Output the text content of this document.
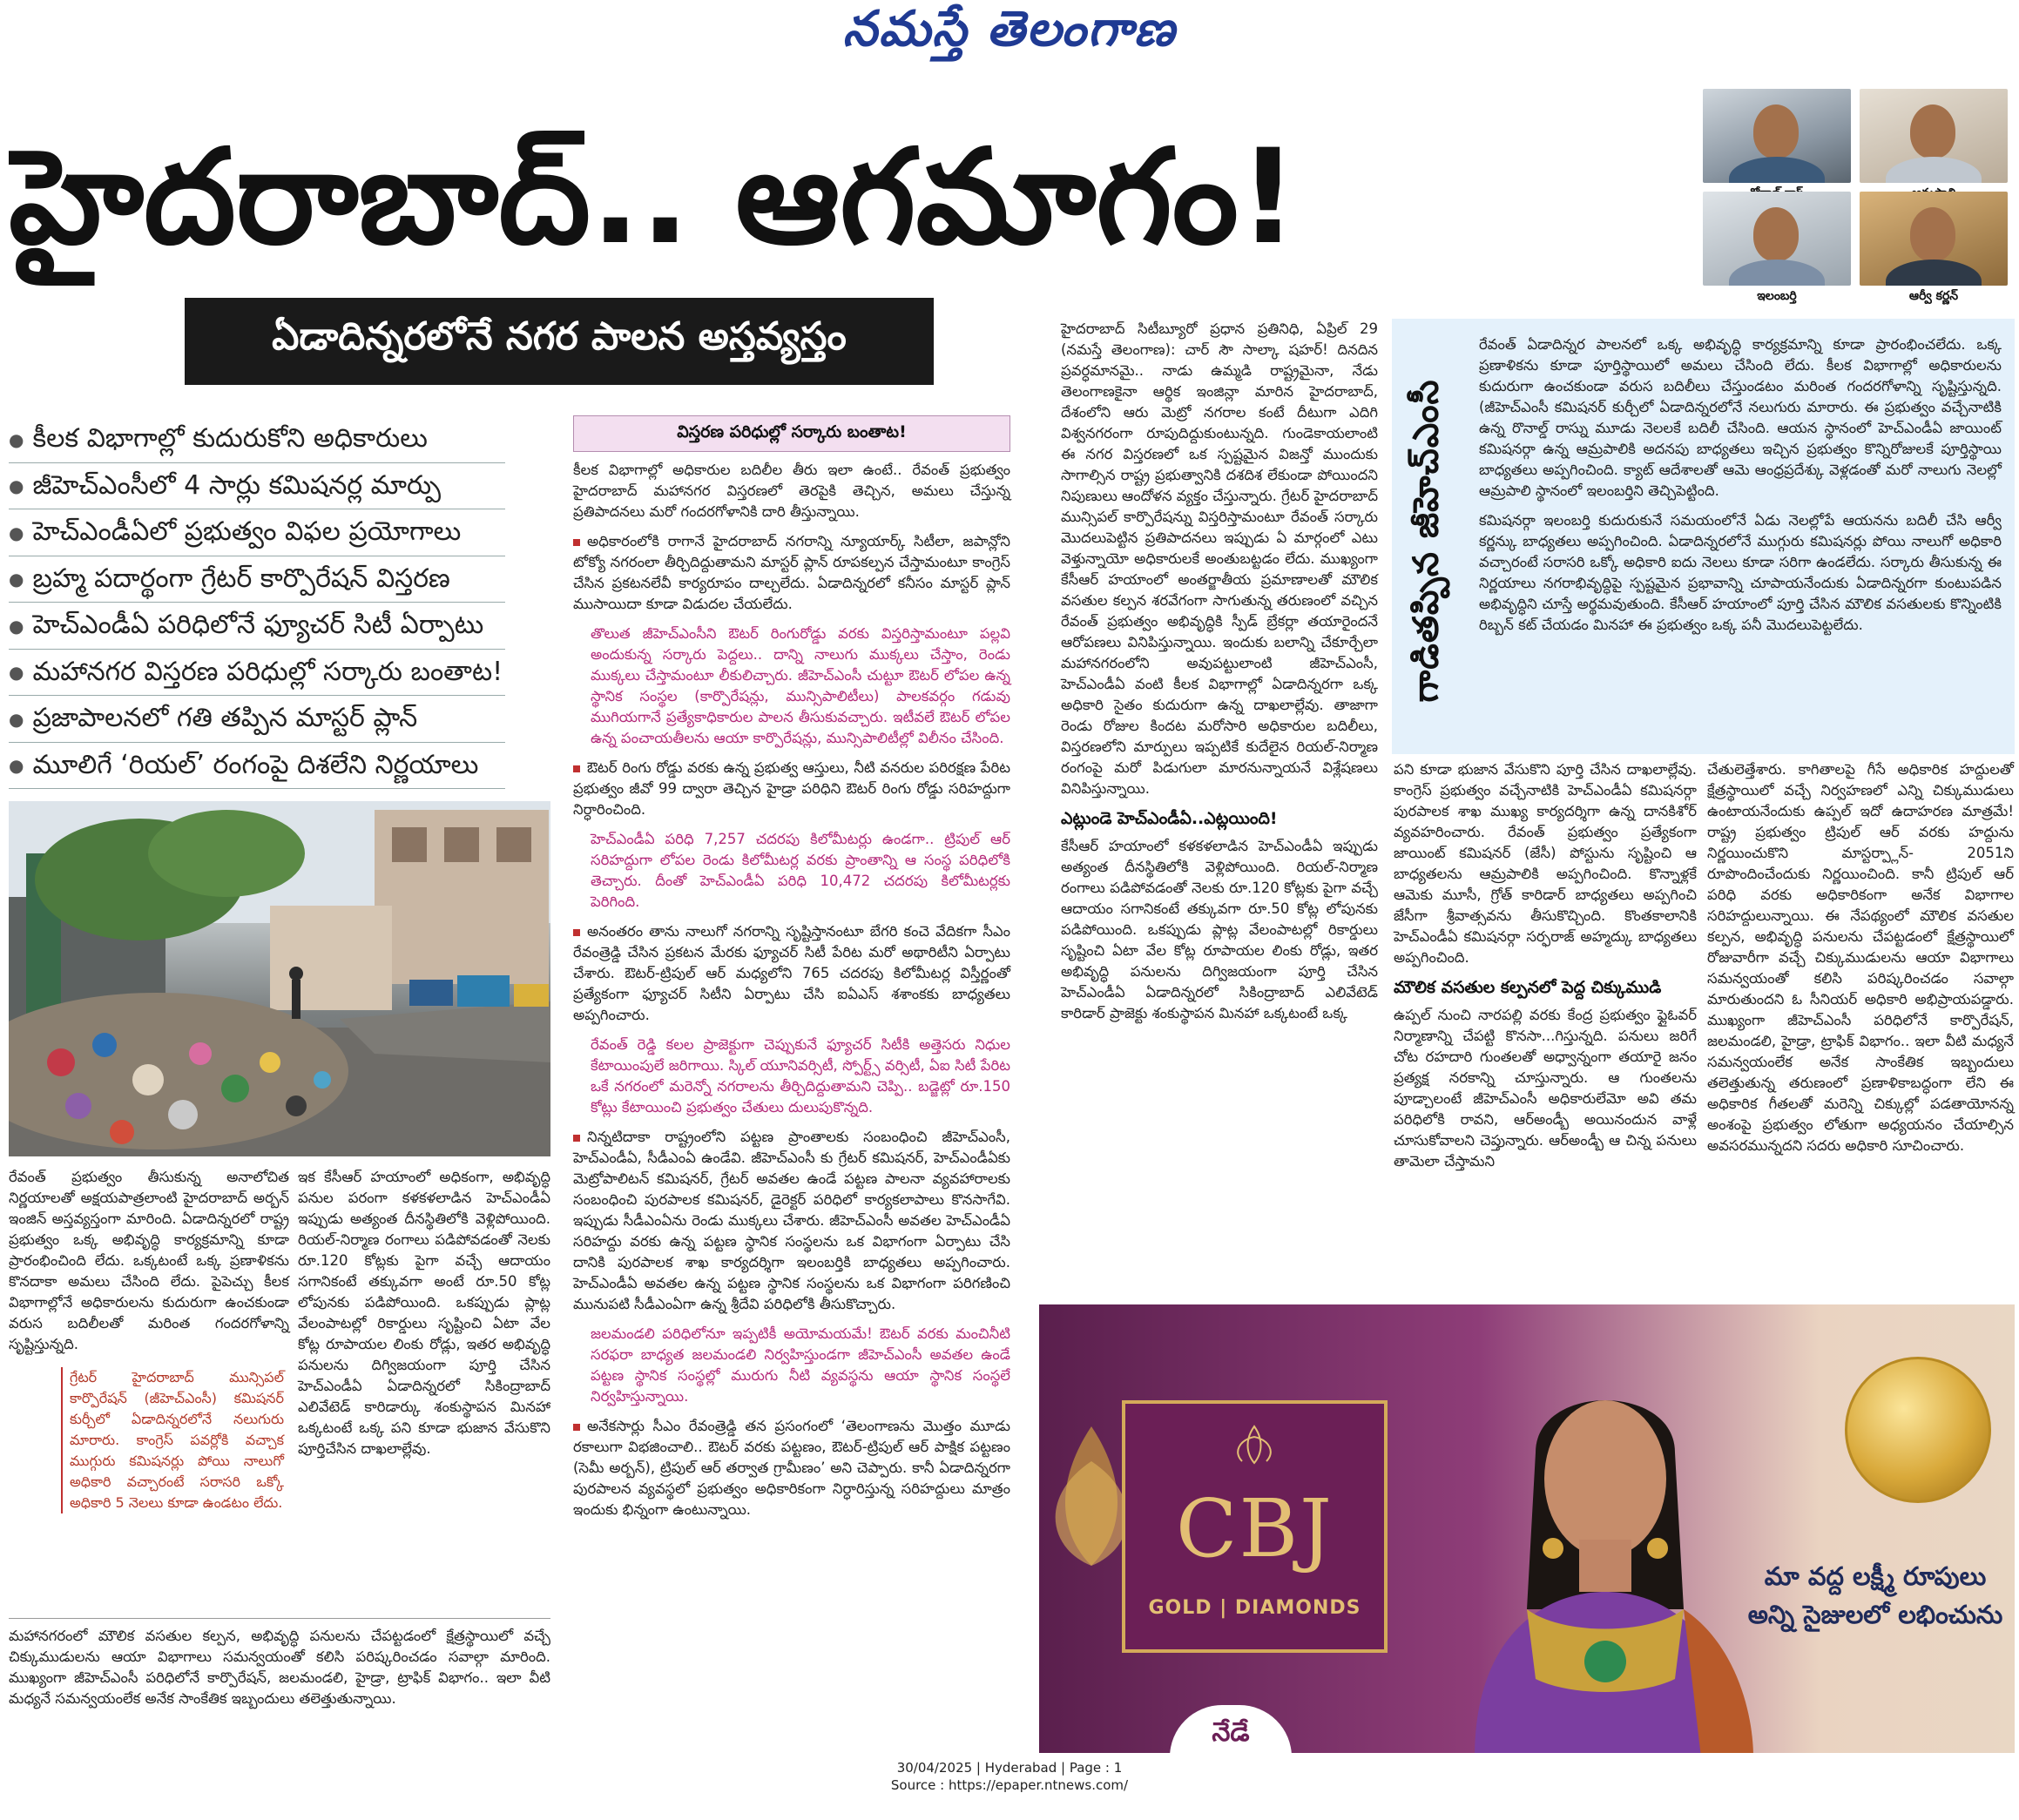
నమస్తే తెలంగాణ
హైదరాబాద్.. ఆగమాగం!
ఏడాదిన్నరలోనే నగర పాలన అస్తవ్యస్తం
ఇలంబర్తి	ఆర్వీ కర్ణన్
● కీలక విభాగాల్లో కుదురుకోని అధికారులు
● జీహెచ్ఎంసీలో 4 సార్లు కమిషనర్ల మార్పు
● హెచ్ఎండీఏలో ప్రభుత్వం విఫల ప్రయోగాలు
● బ్రహ్మ పదార్థంగా గ్రేటర్ కార్పొరేషన్ విస్తరణ
● హెచ్ఎండీఏ పరిధిలోనే ఫ్యూచర్ సిటీ ఏర్పాటు
● మహానగర విస్తరణ పరిధుల్లో సర్కారు బంతాట!
● ప్రజాపాలనలో గతి తప్పిన మాస్టర్ ప్లాన్
● మూలిగే ‘రియల్’ రంగంపై దిశలేని నిర్ణయాలు

రేవంత్ ప్రభుత్వం తీసుకున్న అనాలోచిత నిర్ణయాలతో అక్షయపాత్రలాంటి హైదరాబాద్ అర్బన్ ఇంజిన్ అస్తవ్యస్తంగా మారింది. ఏడాదిన్నరలో రాష్ట్ర ప్రభుత్వం ఒక్క అభివృద్ధి కార్యక్రమాన్ని కూడా ప్రారంభించింది లేదు. ఒక్కటంటే ఒక్క ప్రణాళికను కొనదాకా అమలు చేసింది లేదు. పైపెచ్చు కీలక విభాగాల్లోనే అధికారులను కుదురుగా ఉంచకుండా వరుస బదిలీలతో మరింత గందరగోళాన్ని సృష్టిస్తున్నది.

గ్రేటర్ హైదరాబాద్ మున్సిపల్ కార్పొరేషన్ (జీహెచ్ఎంసీ) కమిషనర్ కుర్చీలో ఏడాదిన్నరలోనే నలుగురు మారారు. కాంగ్రెస్ పవర్లోకి వచ్చాక ముగ్గురు కమిషనర్లు పోయి నాలుగో అధికారి వచ్చారంటే సరాసరి ఒక్కో అధికారి 5 నెలలు కూడా ఉండటం లేదు.

ఇక కేసీఆర్ హయాంలో అధికంగా, అభివృద్ధి పనుల పరంగా కళకళలాడిన హెచ్ఎండీఏ ఇప్పుడు అత్యంత దీనస్థితిలోకి వెళ్లిపోయింది. రియల్-నిర్మాణ రంగాలు పడిపోవడంతో నెలకు రూ.120 కోట్లకు పైగా వచ్చే ఆదాయం సగానికంటే తక్కువగా అంటే రూ.50 కోట్ల లోపునకు పడిపోయింది. ఒకప్పుడు ప్లాట్ల వేలంపాటల్లో రికార్డులు సృష్టించి ఏటా వేల కోట్ల రూపాయల లింకు రోడ్లు, ఇతర అభివృద్ధి పనులను దిగ్విజయంగా పూర్తి చేసిన హెచ్ఎండీఏ ఏడాదిన్నరలో సికింద్రాబాద్ ఎలివేటెడ్ కారిడార్కు శంకుస్థాపన మినహా ఒక్కటంటే ఒక్క పని కూడా భుజాన వేసుకొని పూర్తిచేసిన దాఖలాల్లేవు.

మహానగరంలో మౌలిక వసతుల కల్పన, అభివృద్ధి పనులను చేపట్టడంలో క్షేత్రస్థాయిలో వచ్చే చిక్కుముడులను ఆయా విభాగాలు సమన్వయంతో కలిసి పరిష్కరించడం సవాల్గా మారింది. ముఖ్యంగా జీహెచ్ఎంసీ పరిధిలోనే కార్పొరేషన్, జలమండలి, హైడ్రా, ట్రాఫిక్ విభాగం.. ఇలా వీటి మధ్యనే సమన్వయంలేక అనేక సాంకేతిక ఇబ్బందులు తలెత్తుతున్నాయి.

విస్తరణ పరిధుల్లో సర్కారు బంతాట!

కీలక విభాగాల్లో అధికారుల బదిలీల తీరు ఇలా ఉంటే.. రేవంత్ ప్రభుత్వం హైదరాబాద్ మహానగర విస్తరణలో తెరపైకి తెచ్చిన, అమలు చేస్తున్న ప్రతిపాదనలు మరో గందరగోళానికి దారి తీస్తున్నాయి.

అధికారంలోకి రాగానే హైదరాబాద్ నగరాన్ని న్యూయార్క్ సిటీలా, జపాన్లోని టోక్యో నగరంలా తీర్చిదిద్దుతామని మాస్టర్ ప్లాన్ రూపకల్పన చేస్తామంటూ కాంగ్రెస్ చేసిన ప్రకటనలేవీ కార్యరూపం దాల్చలేదు. ఏడాదిన్నరలో కనీసం మాస్టర్ ప్లాన్ ముసాయిదా కూడా విడుదల చేయలేదు.

తొలుత జీహెచ్ఎంసీని ఔటర్ రింగురోడ్డు వరకు విస్తరిస్తామంటూ పల్లవి అందుకున్న సర్కారు పెద్దలు.. దాన్ని నాలుగు ముక్కలు చేస్తాం, రెండు ముక్కలు చేస్తామంటూ లీకులిచ్చారు. జీహెచ్ఎంసీ చుట్టూ ఔటర్ లోపల ఉన్న స్థానిక సంస్థల (కార్పొరేషన్లు, మున్సిపాలిటీలు) పాలకవర్గం గడువు ముగియగానే ప్రత్యేకాధికారుల పాలన తీసుకువచ్చారు. ఇటీవలే ఔటర్ లోపల ఉన్న పంచాయతీలను ఆయా కార్పొరేషన్లు, మున్సిపాలిటీల్లో విలీనం చేసింది.

ఔటర్ రింగు రోడ్డు వరకు ఉన్న ప్రభుత్వ ఆస్తులు, నీటి వనరుల పరిరక్షణ పేరిట ప్రభుత్వం జీవో 99 ద్వారా తెచ్చిన హైడ్రా పరిధిని ఔటర్ రింగు రోడ్డు సరిహద్దుగా నిర్ధారించింది.

హెచ్ఎండీఏ పరిధి 7,257 చదరపు కిలోమీటర్లు ఉండగా.. ట్రిపుల్ ఆర్ సరిహద్దుగా లోపల రెండు కిలోమీటర్ల వరకు ప్రాంతాన్ని ఆ సంస్థ పరిధిలోకి తెచ్చారు. దీంతో హెచ్ఎండీఏ పరిధి 10,472 చదరపు కిలోమీటర్లకు పెరిగింది.

అనంతరం తాను నాలుగో నగరాన్ని సృష్టిస్తానంటూ బేగరి కంచె వేదికగా సీఎం రేవంత్రెడ్డి చేసిన ప్రకటన మేరకు ఫ్యూచర్ సిటీ పేరిట మరో అథారిటీని ఏర్పాటు చేశారు. ఔటర్-ట్రిపుల్ ఆర్ మధ్యలోని 765 చదరపు కిలోమీటర్ల విస్తీర్ణంతో ప్రత్యేకంగా ఫ్యూచర్ సిటీని ఏర్పాటు చేసి ఐఏఎస్ శశాంకకు బాధ్యతలు అప్పగించారు.

రేవంత్ రెడ్డి కలల ప్రాజెక్టుగా చెప్పుకునే ఫ్యూచర్ సిటీకి అత్తెసరు నిధుల కేటాయింపులే జరిగాయి. స్కిల్ యూనివర్సిటీ, స్పోర్ట్స్ వర్సిటీ, ఏఐ సిటీ పేరిట ఒకే నగరంలో మరెన్నో నగరాలను తీర్చిదిద్దుతామని చెప్పి.. బడ్జెట్లో రూ.150 కోట్లు కేటాయించి ప్రభుత్వం చేతులు దులుపుకొన్నది.

నిన్నటిదాకా రాష్ట్రంలోని పట్టణ ప్రాంతాలకు సంబంధించి జీహెచ్ఎంసీ, హెచ్ఎండీఏ, సీడీఎంఏ ఉండేవి. జీహెచ్ఎంసీ కు గ్రేటర్ కమిషనర్, హెచ్ఎండీఏకు మెట్రోపాలిటన్ కమిషనర్, గ్రేటర్ అవతల ఉండే పట్టణ పాలనా వ్యవహారాలకు సంబంధించి పురపాలక కమిషనర్, డైరెక్టర్ పరిధిలో కార్యకలాపాలు కొనసాగేవి. ఇప్పుడు సీడీఎంఏను రెండు ముక్కలు చేశారు. జీహెచ్ఎంసీ అవతల హెచ్ఎండీఏ సరిహద్దు వరకు ఉన్న పట్టణ స్థానిక సంస్థలను ఒక విభాగంగా ఏర్పాటు చేసి దానికి పురపాలక శాఖ కార్యదర్శిగా ఇలంబర్తికి బాధ్యతలు అప్పగించారు. హెచ్ఎండీఏ అవతల ఉన్న పట్టణ స్థానిక సంస్థలను ఒక విభాగంగా పరిగణించి మునుపటి సీడీఎంఏగా ఉన్న శ్రీదేవి పరిధిలోకి తీసుకొచ్చారు.

జలమండలి పరిధిలోనూ ఇప్పటికీ అయోమయమే! ఔటర్ వరకు మంచినీటి సరఫరా బాధ్యత జలమండలి నిర్వహిస్తుండగా జీహెచ్ఎంసీ అవతల ఉండే పట్టణ స్థానిక సంస్థల్లో మురుగు నీటి వ్యవస్థను ఆయా స్థానిక సంస్థలే నిర్వహిస్తున్నాయి.

అనేకసార్లు సీఎం రేవంత్రెడ్డి తన ప్రసంగంలో ‘తెలంగాణను మొత్తం మూడు రకాలుగా విభజించాలి.. ఔటర్ వరకు పట్టణం, ఔటర్-ట్రిపుల్ ఆర్ పాక్షిక పట్టణం (సెమీ అర్బన్), ట్రిపుల్ ఆర్ తర్వాత గ్రామీణం’ అని చెప్పారు. కానీ ఏడాదిన్నరగా పురపాలన వ్యవస్థలో ప్రభుత్వం అధికారికంగా నిర్ధారిస్తున్న సరిహద్దులు మాత్రం ఇందుకు భిన్నంగా ఉంటున్నాయి.

హైదరాబాద్ సిటీబ్యూరో ప్రధాన ప్రతినిధి, ఏప్రిల్ 29 (నమస్తే తెలంగాణ): చార్ సౌ సాల్కా షహర్! దినదిన ప్రవర్ధమానమై.. నాడు ఉమ్మడి రాష్ట్రమైనా, నేడు తెలంగాణకైనా ఆర్థిక ఇంజిన్లా మారిన హైదరాబాద్, దేశంలోని ఆరు మెట్రో నగరాల కంటే దీటుగా ఎదిగి విశ్వనగరంగా రూపుదిద్దుకుంటున్నది. గుండెకాయలాంటి ఈ నగర విస్తరణలో ఒక స్పష్టమైన విజన్తో ముందుకు సాగాల్సిన రాష్ట్ర ప్రభుత్వానికి దశదిశ లేకుండా పోయిందని నిపుణులు ఆందోళన వ్యక్తం చేస్తున్నారు. గ్రేటర్ హైదరాబాద్ మున్సిపల్ కార్పొరేషన్ను విస్తరిస్తామంటూ రేవంత్ సర్కారు మొదలుపెట్టిన ప్రతిపాదనలు ఇప్పుడు ఏ మార్గంలో ఎటు వెళ్తున్నాయో అధికారులకే అంతుబట్టడం లేదు. ముఖ్యంగా కేసీఆర్ హయాంలో అంతర్జాతీయ ప్రమాణాలతో మౌలిక వసతుల కల్పన శరవేగంగా సాగుతున్న తరుణంలో వచ్చిన రేవంత్ ప్రభుత్వం అభివృద్ధికి స్పీడ్ బ్రేకర్లా తయారైందనే ఆరోపణలు వినిపిస్తున్నాయి. ఇందుకు బలాన్ని చేకూర్చేలా మహానగరంలోని అవుపట్టులాంటి జీహెచ్ఎంసీ, హెచ్ఎండీఏ వంటి కీలక విభాగాల్లో ఏడాదిన్నరగా ఒక్క అధికారి సైతం కుదురుగా ఉన్న దాఖలాల్లేవు. తాజాగా రెండు రోజుల కిందట మరోసారి అధికారుల బదిలీలు, విస్తరణలోని మార్పులు ఇప్పటికే కుదేలైన రియల్-నిర్మాణ రంగంపై మరో పిడుగులా మారనున్నాయనే విశ్లేషణలు వినిపిస్తున్నాయి.

ఎట్లుండె హెచ్ఎండీఏ..ఎట్లయింది!

కేసీఆర్ హయాంలో కళకళలాడిన హెచ్ఎండీఏ ఇప్పుడు అత్యంత దీనస్థితిలోకి వెళ్లిపోయింది. రియల్-నిర్మాణ రంగాలు పడిపోవడంతో నెలకు రూ.120 కోట్లకు పైగా వచ్చే ఆదాయం సగానికంటే తక్కువగా రూ.50 కోట్ల లోపునకు పడిపోయింది. ఒకప్పుడు ప్లాట్ల వేలంపాటల్లో రికార్డులు సృష్టించి ఏటా వేల కోట్ల రూపాయల లింకు రోడ్లు, ఇతర అభివృద్ధి పనులను దిగ్విజయంగా పూర్తి చేసిన హెచ్ఎండీఏ ఏడాదిన్నరలో సికింద్రాబాద్ ఎలివేటెడ్ కారిడార్ ప్రాజెక్టు శంకుస్థాపన మినహా ఒక్కటంటే ఒక్క

గాడితప్పిన జీహెచ్ఎంసీ

రేవంత్ ఏడాదిన్నర పాలనలో ఒక్క అభివృద్ధి కార్యక్రమాన్ని కూడా ప్రారంభించలేదు. ఒక్క ప్రణాళికను కూడా పూర్తిస్థాయిలో అమలు చేసింది లేదు. కీలక విభాగాల్లో అధికారులను కుదురుగా ఉంచకుండా వరుస బదిలీలు చేస్తుండటం మరింత గందరగోళాన్ని సృష్టిస్తున్నది. (జీహెచ్ఎంసీ కమిషనర్ కుర్చీలో ఏడాదిన్నరలోనే నలుగురు మారారు. ఈ ప్రభుత్వం వచ్చేనాటికి ఉన్న రొనాల్డ్ రాస్ను మూడు నెలలకే బదిలీ చేసింది. ఆయన స్థానంలో హెచ్ఎండీఏ జాయింట్ కమిషనర్గా ఉన్న ఆమ్రపాలికి అదనపు బాధ్యతలు ఇచ్చిన ప్రభుత్వం కొన్నిరోజులకే పూర్తిస్థాయి బాధ్యతలు అప్పగించింది. క్యాట్ ఆదేశాలతో ఆమె ఆంధ్రప్రదేశ్కు వెళ్లడంతో మరో నాలుగు నెలల్లో ఆమ్రపాలి స్థానంలో ఇలంబర్తిని తెచ్చిపెట్టింది.

కమిషనర్గా ఇలంబర్తి కుదురుకునే సమయంలోనే ఏడు నెలల్లోపే ఆయనను బదిలీ చేసి ఆర్వీ కర్ణన్కు బాధ్యతలు అప్పగించింది. ఏడాదిన్నరలోనే ముగ్గురు కమిషనర్లు పోయి నాలుగో అధికారి వచ్చారంటే సరాసరి ఒక్కో అధికారి ఐదు నెలలు కూడా సరిగా ఉండలేదు. సర్కారు తీసుకున్న ఈ నిర్ణయాలు నగరాభివృద్ధిపై స్పష్టమైన ప్రభావాన్ని చూపాయనేందుకు ఏడాదిన్నరగా కుంటుపడిన అభివృద్ధిని చూస్తే అర్థమవుతుంది. కేసీఆర్ హయాంలో పూర్తి చేసిన మౌలిక వసతులకు కొన్నింటికి రిబ్బన్ కట్ చేయడం మినహా ఈ ప్రభుత్వం ఒక్క పనీ మొదలుపెట్టలేదు.

పని కూడా భుజాన వేసుకొని పూర్తి చేసిన దాఖలాల్లేవు. కాంగ్రెస్ ప్రభుత్వం వచ్చేనాటికి హెచ్ఎండీఏ కమిషనర్గా పురపాలక శాఖ ముఖ్య కార్యదర్శిగా ఉన్న దానకిశోర్ వ్యవహరించారు. రేవంత్ ప్రభుత్వం ప్రత్యేకంగా జాయింట్ కమిషనర్ (జేసీ) పోస్టును సృష్టించి ఆ బాధ్యతలను ఆమ్రపాలికి అప్పగించింది. కొన్నాళ్లకే ఆమెకు మూసీ, గ్రోత్ కారిడార్ బాధ్యతలు అప్పగించి జేసీగా శ్రీవాత్సవను తీసుకొచ్చింది. కొంతకాలానికి హెచ్ఎండీఏ కమిషనర్గా సర్ఫరాజ్ అహ్మద్కు బాధ్యతలు అప్పగించింది.

మౌలిక వసతుల కల్పనలో పెద్ద చిక్కుముడి

ఉప్పల్ నుంచి నారపల్లి వరకు కేంద్ర ప్రభుత్వం ఫ్లైఓవర్ నిర్మాణాన్ని చేపట్టి కొనసా...గిస్తున్నది. పనులు జరిగే చోట రహదారి గుంతలతో అధ్వాన్నంగా తయారై జనం ప్రత్యక్ష నరకాన్ని చూస్తున్నారు. ఆ గుంతలను పూడ్చాలంటే జీహెచ్ఎంసీ అధికారులేమో అవి తమ పరిధిలోకి రావని, ఆర్అండ్బీ అయినందున వాళ్లే చూసుకోవాలని చెప్తున్నారు. ఆర్అండ్బీ ఆ చిన్న పనులు తామెలా చేస్తామని

చేతులెత్తేశారు. కాగితాలపై గీసే అధికారిక హద్దులతో క్షేత్రస్థాయిలో వచ్చే నిర్వహణలో ఎన్ని చిక్కుముడులు ఉంటాయనేందుకు ఉప్పల్ ఇదో ఉదాహరణ మాత్రమే! రాష్ట్ర ప్రభుత్వం ట్రిపుల్ ఆర్ వరకు హద్దును నిర్ణయించుకొని మాస్టర్ప్లాన్- 2051ని రూపొందించేందుకు నిర్ణయించింది. కానీ ట్రిపుల్ ఆర్ పరిధి వరకు అధికారికంగా అనేక విభాగాల సరిహద్దులున్నాయి. ఈ నేపథ్యంలో మౌలిక వసతుల కల్పన, అభివృద్ధి పనులను చేపట్టడంలో క్షేత్రస్థాయిలో రోజువారీగా వచ్చే చిక్కుముడులను ఆయా విభాగాలు సమన్వయంతో కలిసి పరిష్కరించడం సవాల్గా మారుతుందని ఓ సీనియర్ అధికారి అభిప్రాయపడ్డారు. ముఖ్యంగా జీహెచ్ఎంసీ పరిధిలోనే కార్పొరేషన్, జలమండలి, హైడ్రా, ట్రాఫిక్ విభాగం.. ఇలా వీటి మధ్యనే సమన్వయంలేక అనేక సాంకేతిక ఇబ్బందులు తలెత్తుతున్న తరుణంలో ప్రణాళికాబద్ధంగా లేని ఈ అధికారిక గీతలతో మరెన్ని చిక్కుల్లో పడతాయోనన్న అంశంపై ప్రభుత్వం లోతుగా అధ్యయనం చేయాల్సిన అవసరమున్నదని సదరు అధికారి సూచించారు.

CBJ
GOLD | DIAMONDS
మా వద్ద లక్ష్మీ రూపులు
అన్ని సైజులలో లభించును
నేడే
30/04/2025 | Hyderabad | Page : 1
Source : https://epaper.ntnews.com/
